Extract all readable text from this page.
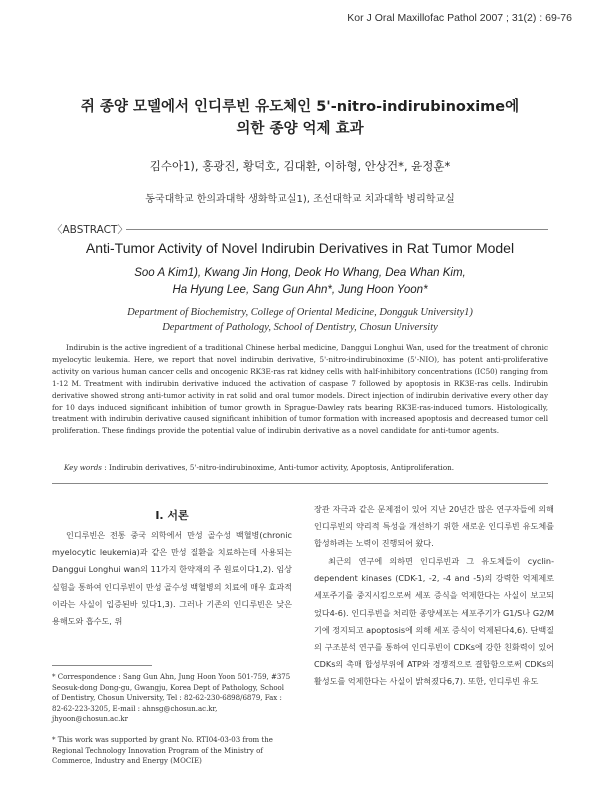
Kor J Oral Maxillofac Pathol 2007 ; 31(2) : 69-76
쥐 종양 모델에서 인디루빈 유도체인 5'-nitro-indirubinoxime에
의한 종양 억제 효과
김수아1), 홍광진, 황덕호, 김대환, 이하형, 안상건*, 윤정훈*
동국대학교 한의과대학 생화학교실1), 조선대학교 치과대학 병리학교실
〈ABSTRACT〉
Anti-Tumor Activity of Novel Indirubin Derivatives in Rat Tumor Model
Soo A Kim1), Kwang Jin Hong, Deok Ho Whang, Dea Whan Kim,
Ha Hyung Lee, Sang Gun Ahn*, Jung Hoon Yoon*
Department of Biochemistry, College of Oriental Medicine, Dongguk University1)
Department of Pathology, School of Dentistry, Chosun University

Indirubin is the active ingredient of a traditional Chinese herbal medicine, Danggui Longhui Wan, used for the treatment of chronic myelocytic leukemia. Here, we report that novel indirubin derivative, 5'-nitro-indirubinoxime (5'-NIO), has potent anti-proliferative activity on various human cancer cells and oncogenic RK3E-ras rat kidney cells with half-inhibitory concentrations (IC50) ranging from 1-12 M. Treatment with indirubin derivative induced the activation of caspase 7 followed by apoptosis in RK3E-ras cells. Indirubin derivative showed strong anti-tumor activity in rat solid and oral tumor models. Direct injection of indirubin derivative every other day for 10 days induced significant inhibition of tumor growth in Sprague-Dawley rats bearing RK3E-ras-induced tumors. Histologically, treatment with indirubin derivative caused significant inhibition of tumor formation with increased apoptosis and decreased tumor cell proliferation. These findings provide the potential value of indirubin derivative as a novel candidate for anti-tumor agents.

Key words : Indirubin derivatives, 5'-nitro-indirubinoxime, Anti-tumor activity, Apoptosis, Antiproliferation.
I. 서론

인디루빈은 전통 중국 의학에서 만성 골수성 백혈병(chronic myelocytic leukemia)과 같은 만성 질환을 치료하는데 사용되는 Danggui Longhui wan의 11가지 한약재의 주 원료이다1,2). 임상 실험을 통하여 인디루빈이 만성 골수성 백혈병의 치료에 매우 효과적이라는 사실이 입증된바 있다1,3). 그러나 기존의 인디루빈은 낮은 용해도와 흡수도, 위

장관 자극과 같은 문제점이 있어 지난 20년간 많은 연구자들에 의해 인디루빈의 약리적 특성을 개선하기 위한 새로운 인디루빈 유도체를 합성하려는 노력이 진행되어 왔다.

최근의 연구에 의하면 인디루빈과 그 유도체들이 cyclin-dependent kinases (CDK-1, -2, -4 and -5)의 강력한 억제제로 세포주기를 중지시킴으로써 세포 증식을 억제한다는 사실이 보고되었다4-6). 인디루빈을 처리한 종양세포는 세포주기가 G1/S나 G2/M 기에 정지되고 apoptosis에 의해 세포 증식이 억제된다4,6). 단백질의 구조분석 연구를 통하여 인디루빈이 CDKs에 강한 친화력이 있어 CDKs의 촉매 합성부위에 ATP와 경쟁적으로 결합함으로써 CDKs의 활성도를 억제한다는 사실이 밝혀졌다6,7). 또한, 인디루빈 유도

* Correspondence : Sang Gun Ahn, Jung Hoon Yoon 501-759, #375 Seosuk-dong Dong-gu, Gwangju, Korea Dept of Pathology, School of Dentistry, Chosun University, Tel : 82-62-230-6898/6879, Fax : 82-62-223-3205, E-mail : ahnsg@chosun.ac.kr, jhyoon@chosun.ac.kr
* This work was supported by grant No. RTI04-03-03 from the Regional Technology Innovation Program of the Ministry of Commerce, Industry and Energy (MOCIE)
